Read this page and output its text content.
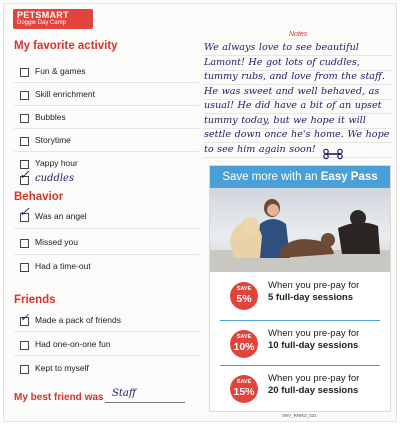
PETSMART
Doggie Day Camp
My favorite activity
Fun & games
Skill enrichment
Bubbles
Storytime
Yappy hour
✓ cuddles
Behavior
✓ Was an angel
Missed you
Had a time-out
Friends
✓ Made a pack of friends
Had one-on-one fun
Kept to myself
My best friend was Staff
Notes
We always love to see beautiful Lamont! He got lots of cuddles, tummy rubs, and love from the staff. He was sweet and well behaved, as usual! He did have a bit of an upset tummy today, but we hope it will settle down once he's home. We hope to see him again soon!
Save more with an Easy Pass
SAVE
5%
When you pre-pay for
5 full-day sessions
SAVE
10%
When you pre-pay for
10 full-day sessions
SAVE
15%
When you pre-pay for
20 full-day sessions
SRV_RNRD_031
